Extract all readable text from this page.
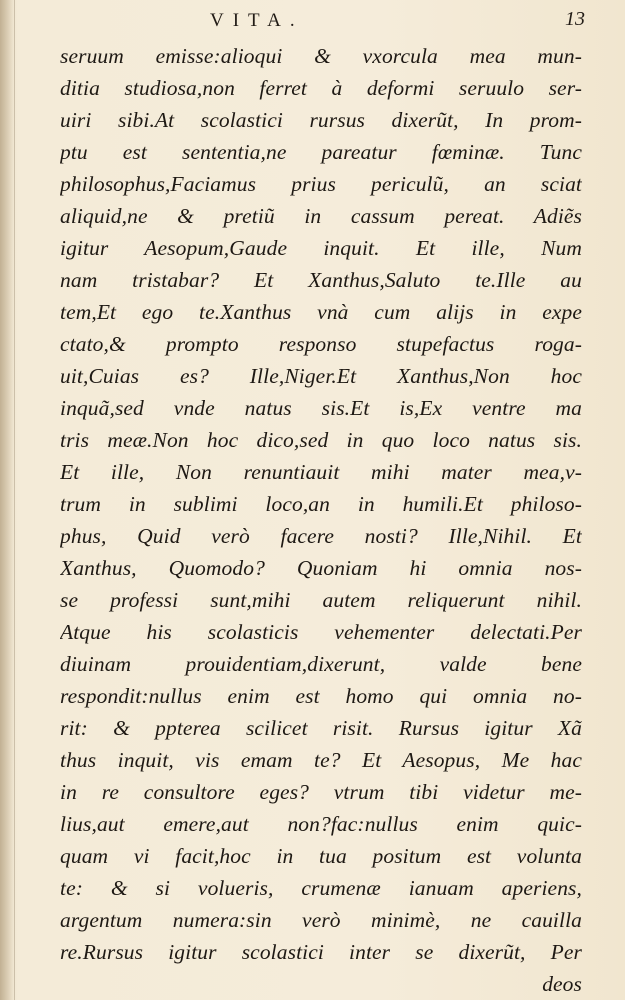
VITA.	13
seruum emisse:alioqui & vxorcula mea mun-
ditia studiosa,non ferret à deformi seruulo ser-
uiri sibi.At scolastici rursus dixerũt, In prom-
ptu est sententia,ne pareatur fœminæ. Tunc
philosophus,Faciamus prius periculũ, an sciat
aliquid,ne & pretiũ in cassum pereat. Adiẽs
igitur Aesopum,Gaude inquit. Et ille, Num
nam tristabar? Et Xanthus,Saluto te.Ille au
tem,Et ego te.Xanthus vnà cum alijs in expe
ctato,& prompto responso stupefactus roga-
uit,Cuias es? Ille,Niger.Et Xanthus,Non hoc
inquã,sed vnde natus sis.Et is,Ex ventre ma
tris meæ.Non hoc dico,sed in quo loco natus sis.
Et ille, Non renuntiauit mihi mater mea,v-
trum in sublimi loco,an in humili.Et philoso-
phus, Quid verò facere nosti? Ille,Nihil. Et
Xanthus, Quomodo? Quoniam hi omnia nos-
se professi sunt,mihi autem reliquerunt nihil.
Atque his scolasticis vehementer delectati.Per
diuinam prouidentiam,dixerunt, valde bene
respondit:nullus enim est homo qui omnia no-
rit: & ppterea scilicet risit. Rursus igitur Xã
thus inquit, vis emam te? Et Aesopus, Me hac
in re consultore eges? vtrum tibi videtur me-
lius,aut emere,aut non?fac:nullus enim quic-
quam vi facit,hoc in tua positum est volunta
te: & si volueris, crumenæ ianuam aperiens,
argentum numera:sin verò minimè, ne cauilla
re.Rursus igitur scolastici inter se dixerũt, Per
deos
